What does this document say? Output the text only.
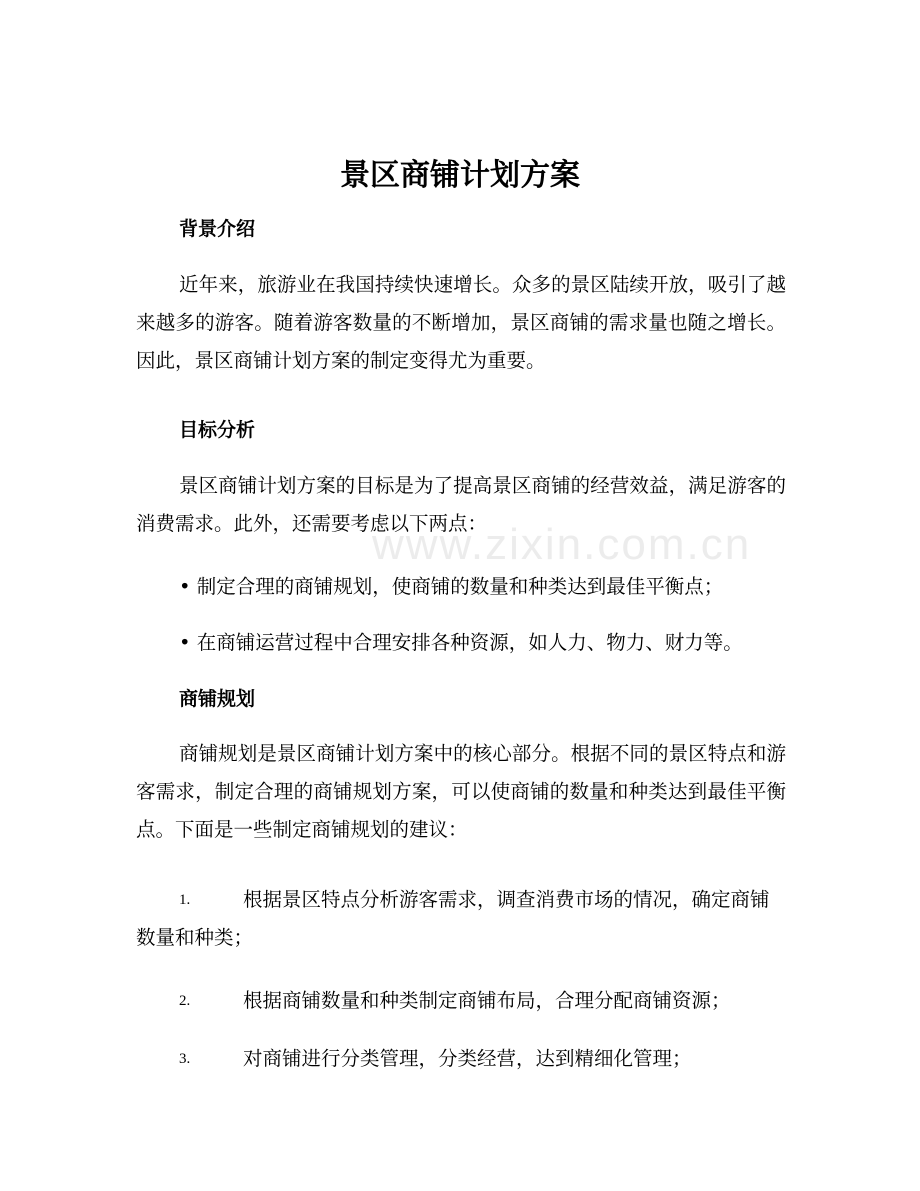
www.zixin.com.cn
景区商铺计划方案
背景介绍
近年来，旅游业在我国持续快速增长。众多的景区陆续开放，吸引了越来越多的游客。随着游客数量的不断增加，景区商铺的需求量也随之增长。因此，景区商铺计划方案的制定变得尤为重要。
目标分析
景区商铺计划方案的目标是为了提高景区商铺的经营效益，满足游客的消费需求。此外，还需要考虑以下两点：
• 制定合理的商铺规划，使商铺的数量和种类达到最佳平衡点；
• 在商铺运营过程中合理安排各种资源，如人力、物力、财力等。
商铺规划
商铺规划是景区商铺计划方案中的核心部分。根据不同的景区特点和游客需求，制定合理的商铺规划方案，可以使商铺的数量和种类达到最佳平衡点。下面是一些制定商铺规划的建议：
1.	根据景区特点分析游客需求，调查消费市场的情况，确定商铺数量和种类；
2.	根据商铺数量和种类制定商铺布局，合理分配商铺资源；
3.	对商铺进行分类管理，分类经营，达到精细化管理；
